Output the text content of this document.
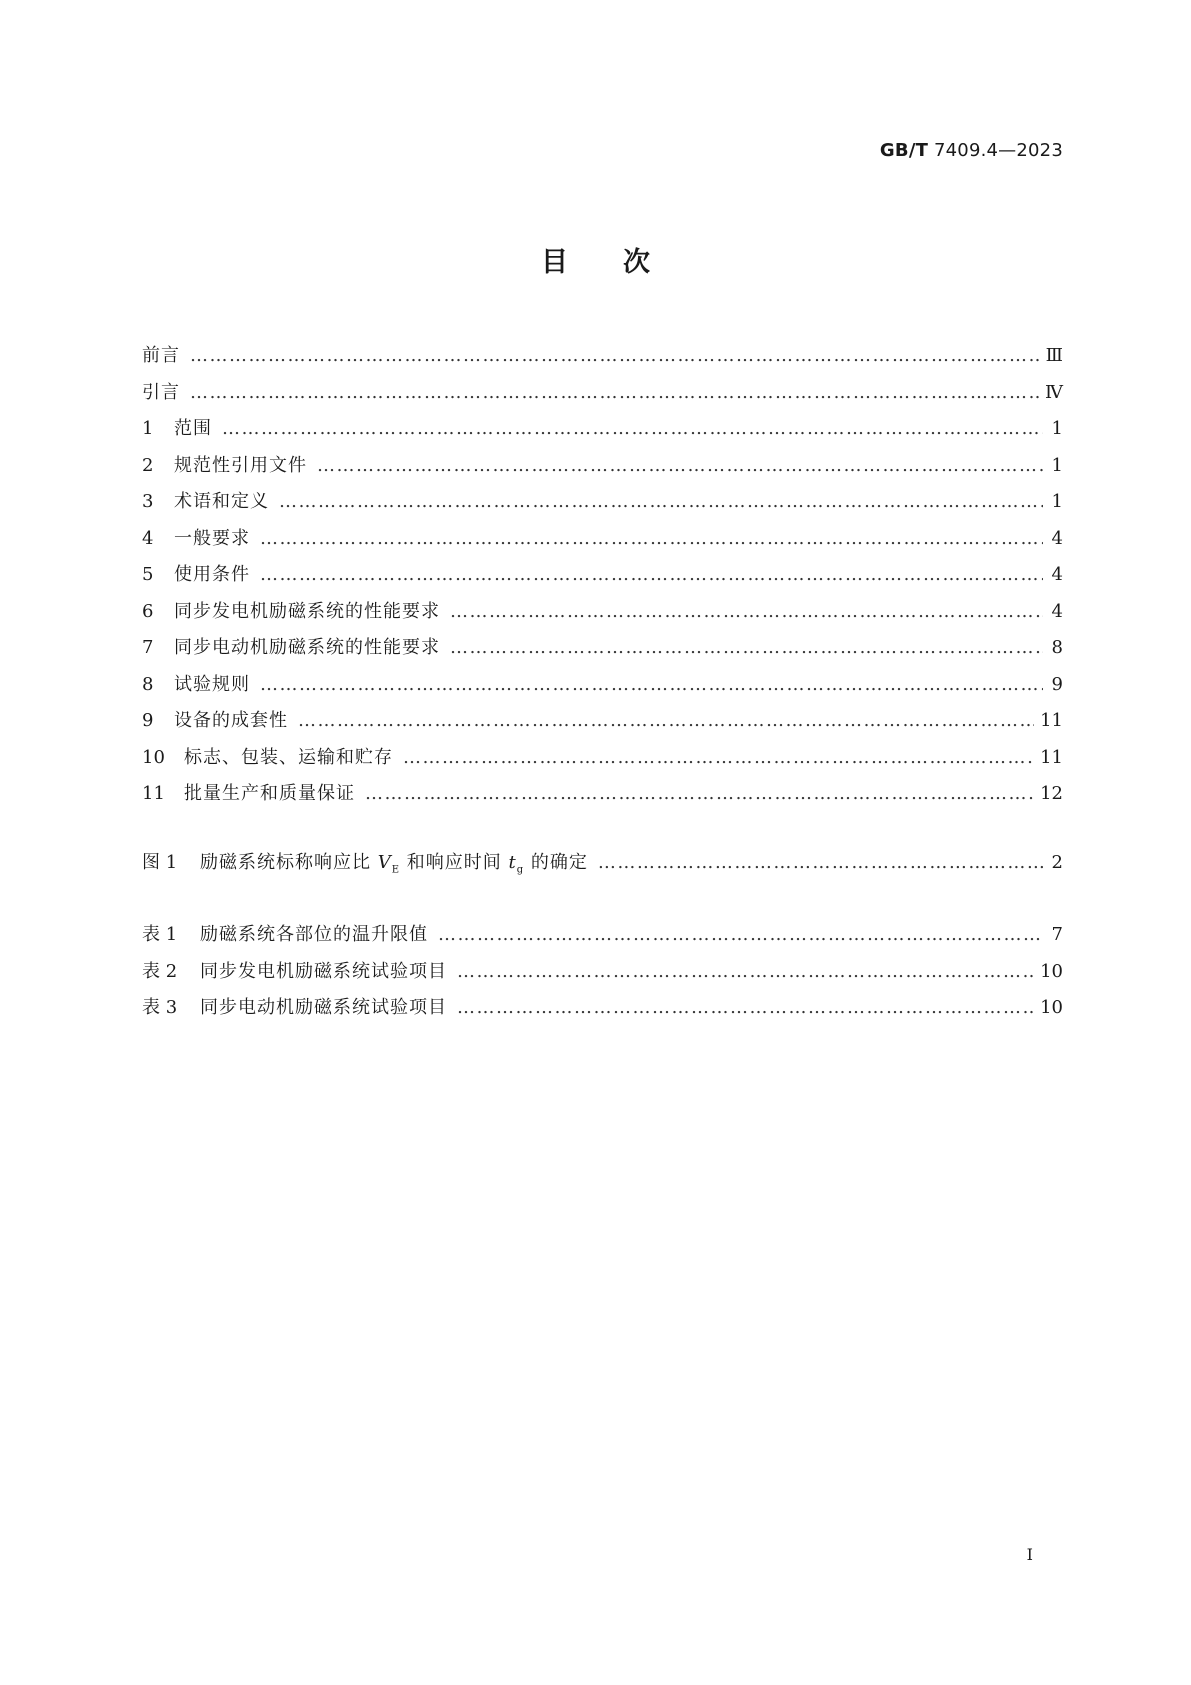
GB/T 7409.4—2023
目次
前言 ……………………………………………………………………………………………………………………………………………………………………………………………………	Ⅲ
引言 ……………………………………………………………………………………………………………………………………………………………………………………………………	Ⅳ
1	范围 ……………………………………………………………………………………………………………………………………………………………………………………………………	1
2	规范性引用文件 ……………………………………………………………………………………………………………………………………………………………………………………………………	1
3	术语和定义 ……………………………………………………………………………………………………………………………………………………………………………………………………	1
4	一般要求 ……………………………………………………………………………………………………………………………………………………………………………………………………	4
5	使用条件 ……………………………………………………………………………………………………………………………………………………………………………………………………	4
6	同步发电机励磁系统的性能要求 ……………………………………………………………………………………………………………………………………………………………………………………………………	4
7	同步电动机励磁系统的性能要求 ……………………………………………………………………………………………………………………………………………………………………………………………………	8
8	试验规则 ……………………………………………………………………………………………………………………………………………………………………………………………………	9
9	设备的成套性 ……………………………………………………………………………………………………………………………………………………………………………………………………	11
10	标志、包装、运输和贮存 ……………………………………………………………………………………………………………………………………………………………………………………………………	11
11	批量生产和质量保证 ……………………………………………………………………………………………………………………………………………………………………………………………………	12
图 1	励磁系统标称响应比 $V_E$ 和响应时间 $t_g$ 的确定 ……………………………………………………………………………………………………………………………………………………………………………………………………	2
表 1	励磁系统各部位的温升限值 ……………………………………………………………………………………………………………………………………………………………………………………………………	7
表 2	同步发电机励磁系统试验项目 ……………………………………………………………………………………………………………………………………………………………………………………………………	10
表 3	同步电动机励磁系统试验项目 ……………………………………………………………………………………………………………………………………………………………………………………………………	10
I
